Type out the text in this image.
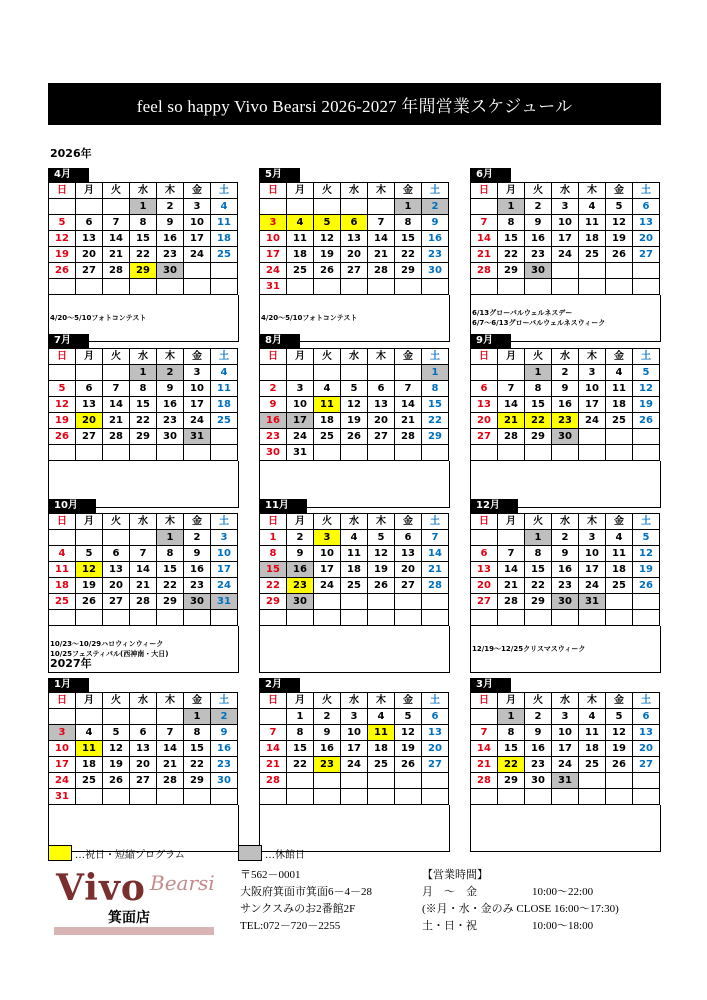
feel so happy Vivo Bearsi 2026-2027 年間営業スケジュール
2026年
2027年
4月
日	月	火	水	木	金	土
			1	2	3	4
5	6	7	8	9	10	11
12	13	14	15	16	17	18
19	20	21	22	23	24	25
26	27	28	29	30		

4/20～5/10フォトコンテスト
5月
日	月	火	水	木	金	土
					1	2
3	4	5	6	7	8	9
10	11	12	13	14	15	16
17	18	19	20	21	22	23
24	25	26	27	28	29	30
31						
4/20～5/10フォトコンテスト
6月
日	月	火	水	木	金	土
	1	2	3	4	5	6
7	8	9	10	11	12	13
14	15	16	17	18	19	20
21	22	23	24	25	26	27
28	29	30				

6/13グローバルウェルネスデー
6/7～6/13グローバルウェルネスウィーク
7月
日	月	火	水	木	金	土
			1	2	3	4
5	6	7	8	9	10	11
12	13	14	15	16	17	18
19	20	21	22	23	24	25
26	27	28	29	30	31	

8月
日	月	火	水	木	金	土
						1
2	3	4	5	6	7	8
9	10	11	12	13	14	15
16	17	18	19	20	21	22
23	24	25	26	27	28	29
30	31					
9月
日	月	火	水	木	金	土
		1	2	3	4	5
6	7	8	9	10	11	12
13	14	15	16	17	18	19
20	21	22	23	24	25	26
27	28	29	30			

10月
日	月	火	水	木	金	土
				1	2	3
4	5	6	7	8	9	10
11	12	13	14	15	16	17
18	19	20	21	22	23	24
25	26	27	28	29	30	31

10/23～10/29ハロウィンウィーク
10/25フェスティバル(西神南・大日)
11月
日	月	火	水	木	金	土
1	2	3	4	5	6	7
8	9	10	11	12	13	14
15	16	17	18	19	20	21
22	23	24	25	26	27	28
29	30					

12月
日	月	火	水	木	金	土
		1	2	3	4	5
6	7	8	9	10	11	12
13	14	15	16	17	18	19
20	21	22	23	24	25	26
27	28	29	30	31		

12/19～12/25クリスマスウィーク
1月
日	月	火	水	木	金	土
					1	2
3	4	5	6	7	8	9
10	11	12	13	14	15	16
17	18	19	20	21	22	23
24	25	26	27	28	29	30
31						
2月
日	月	火	水	木	金	土
	1	2	3	4	5	6
7	8	9	10	11	12	13
14	15	16	17	18	19	20
21	22	23	24	25	26	27
28						

3月
日	月	火	水	木	金	土
	1	2	3	4	5	6
7	8	9	10	11	12	13
14	15	16	17	18	19	20
21	22	23	24	25	26	27
28	29	30	31			

…祝日・短縮プログラム	…休館日
Vivo Bearsi
箕面店
〒562－0001
大阪府箕面市箕面6－4－28
サンクスみのお2番館2F
TEL:072－720－2255
【営業時間】
月　～　金	10:00～22:00
(※月・水・金のみ CLOSE 16:00～17:30)
土・日・祝	10:00～18:00
